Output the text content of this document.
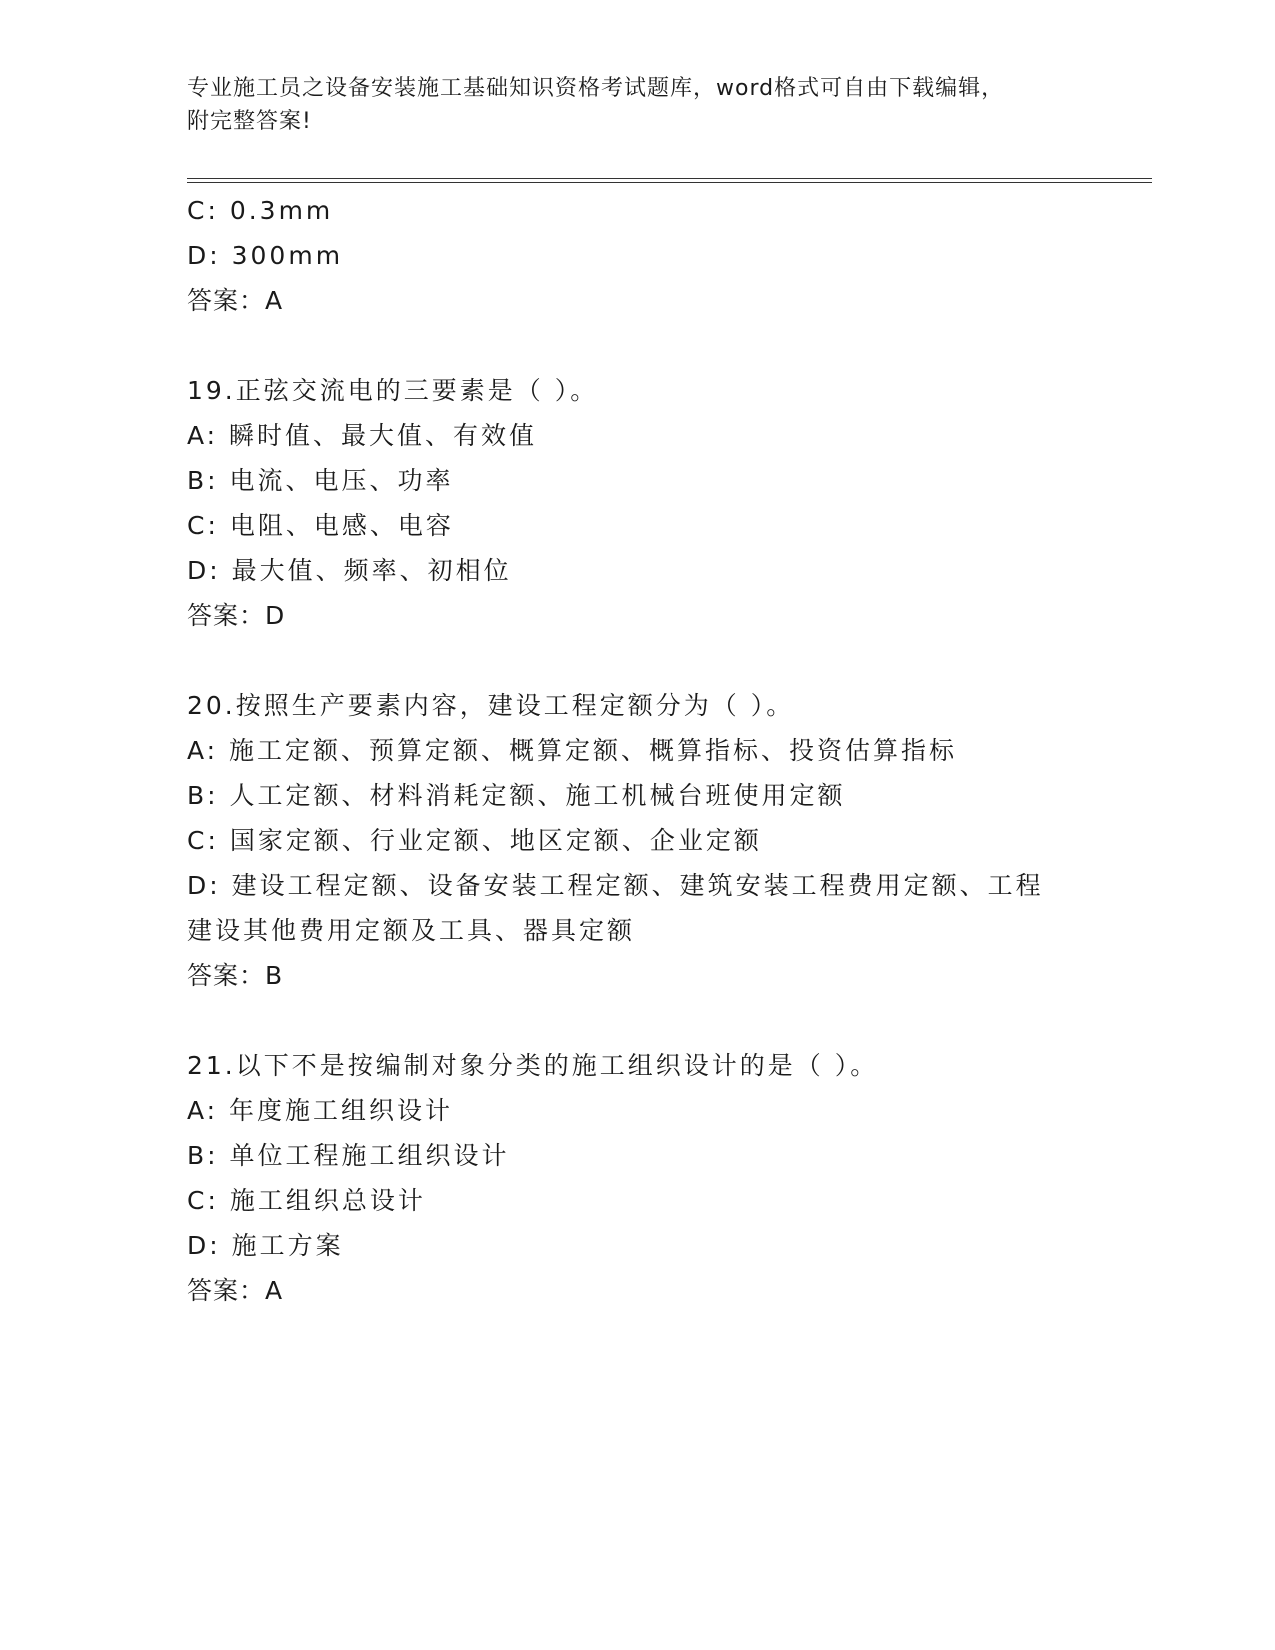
专业施工员之设备安装施工基础知识资格考试题库，word格式可自由下载编辑，
附完整答案!
C: 0.3mm
D: 300mm
答案：A
19.正弦交流电的三要素是（ ）。
A: 瞬时值、最大值、有效值
B: 电流、电压、功率
C: 电阻、电感、电容
D: 最大值、频率、初相位
答案：D
20.按照生产要素内容，建设工程定额分为（ ）。
A: 施工定额、预算定额、概算定额、概算指标、投资估算指标
B: 人工定额、材料消耗定额、施工机械台班使用定额
C: 国家定额、行业定额、地区定额、企业定额
D: 建设工程定额、设备安装工程定额、建筑安装工程费用定额、工程
建设其他费用定额及工具、器具定额
答案：B
21.以下不是按编制对象分类的施工组织设计的是（ ）。
A: 年度施工组织设计
B: 单位工程施工组织设计
C: 施工组织总设计
D: 施工方案
答案：A
